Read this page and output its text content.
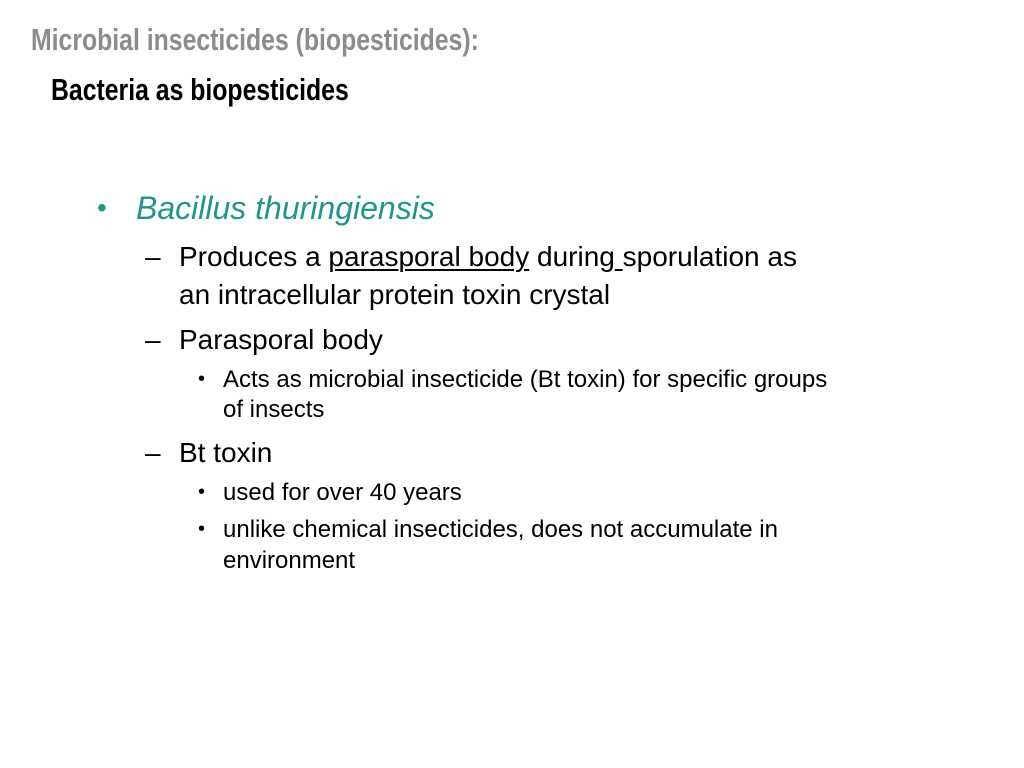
Microbial insecticides (biopesticides):
Bacteria as biopesticides
• Bacillus thuringiensis
– Produces a parasporal body during sporulation as
an intracellular protein toxin crystal
– Parasporal body
• Acts as microbial insecticide (Bt toxin) for specific groups
of insects
– Bt toxin
• used for over 40 years
• unlike chemical insecticides, does not accumulate in
environment
